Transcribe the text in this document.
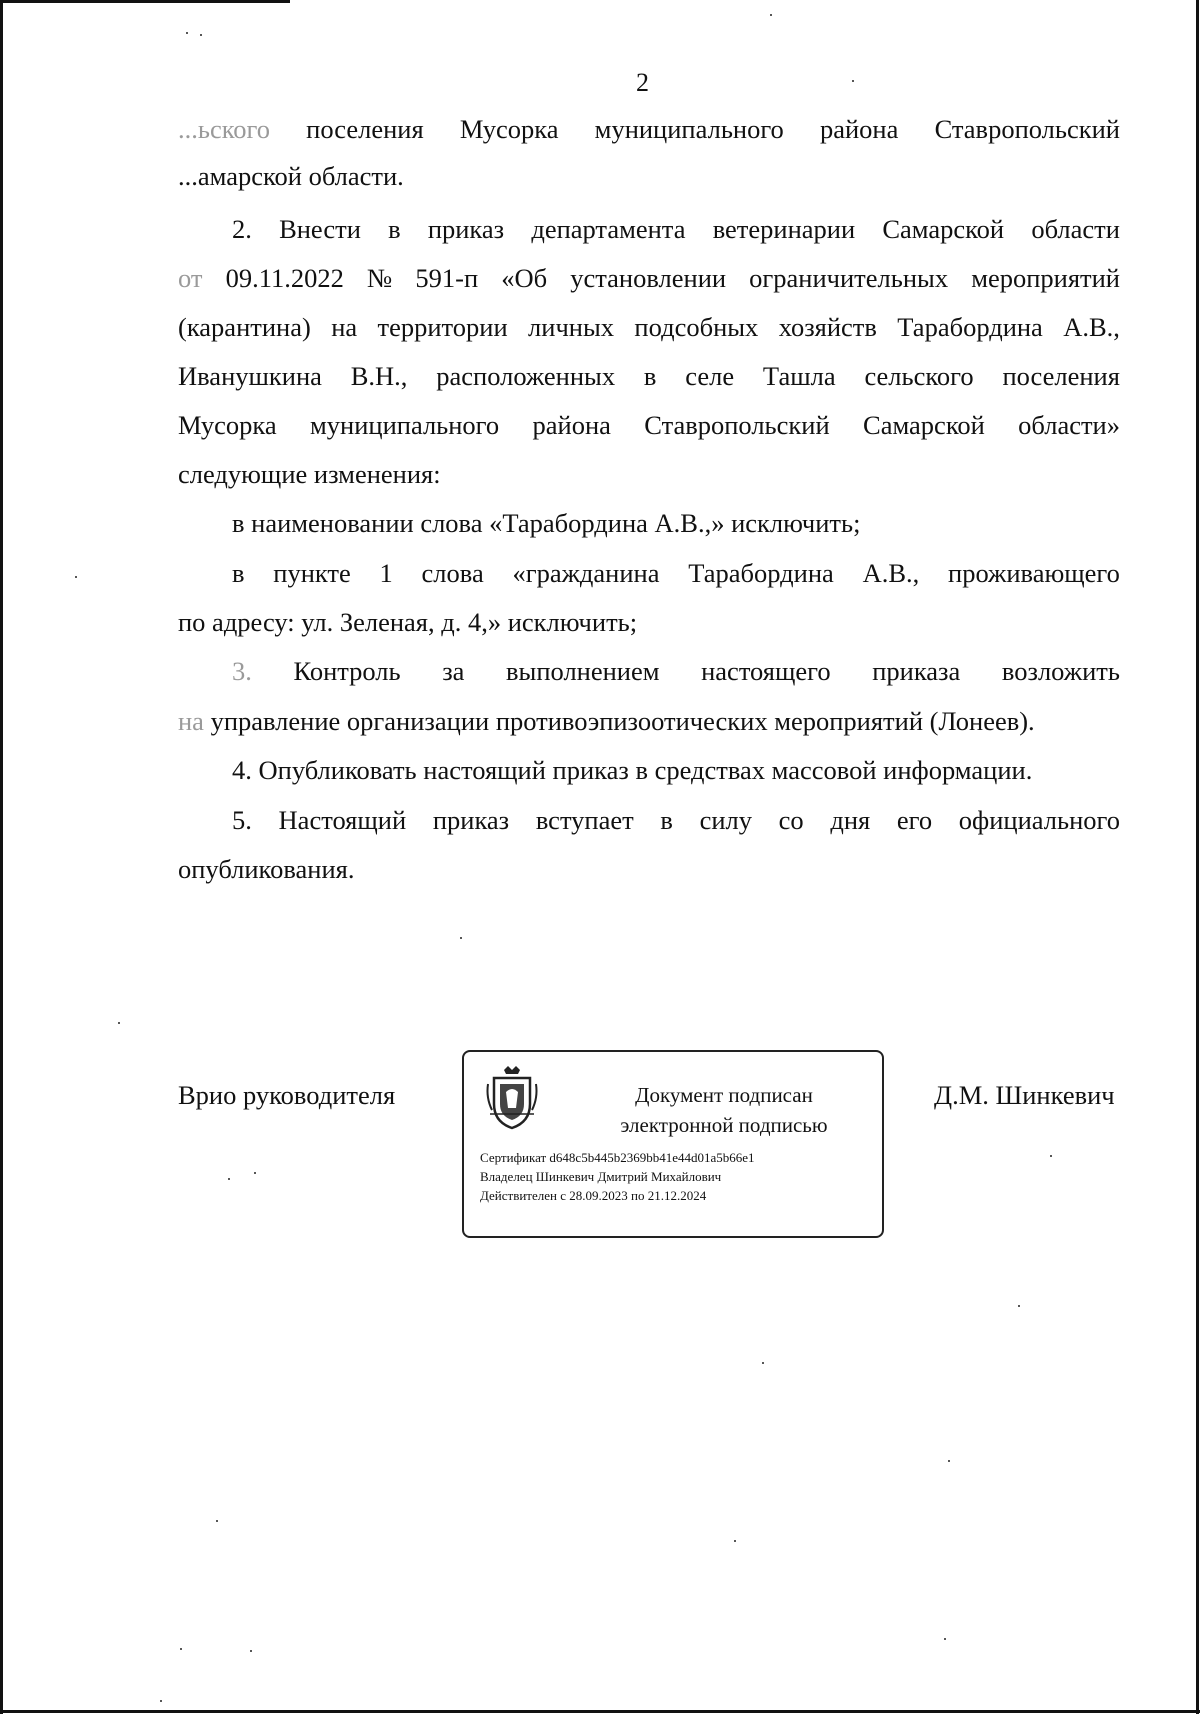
2
...ьского поселения Мусорка муниципального района Ставропольский
...амарской области.
2. Внести в приказ департамента ветеринарии Самарской области
от 09.11.2022 № 591-п «Об установлении ограничительных мероприятий
(карантина) на территории личных подсобных хозяйств Тарабордина А.В.,
Иванушкина В.Н., расположенных в селе Ташла сельского поселения
Мусорка муниципального района Ставропольский Самарской области»
следующие изменения:
в наименовании слова «Тарабордина А.В.,» исключить;
в пункте 1 слова «гражданина Тарабордина А.В., проживающего
по адресу: ул. Зеленая, д. 4,» исключить;
3. Контроль за выполнением настоящего приказа возложить
на управление организации противоэпизоотических мероприятий (Лонеев).
4. Опубликовать настоящий приказ в средствах массовой информации.
5. Настоящий приказ вступает в силу со дня его официального
опубликования.
Врио руководителя	Документ подписан
электронной подписью
Сертификат d648c5b445b2369bb41e44d01a5b66e1
Владелец Шинкевич Дмитрий Михайлович
Действителен с 28.09.2023 по 21.12.2024
Д.М. Шинкевич
